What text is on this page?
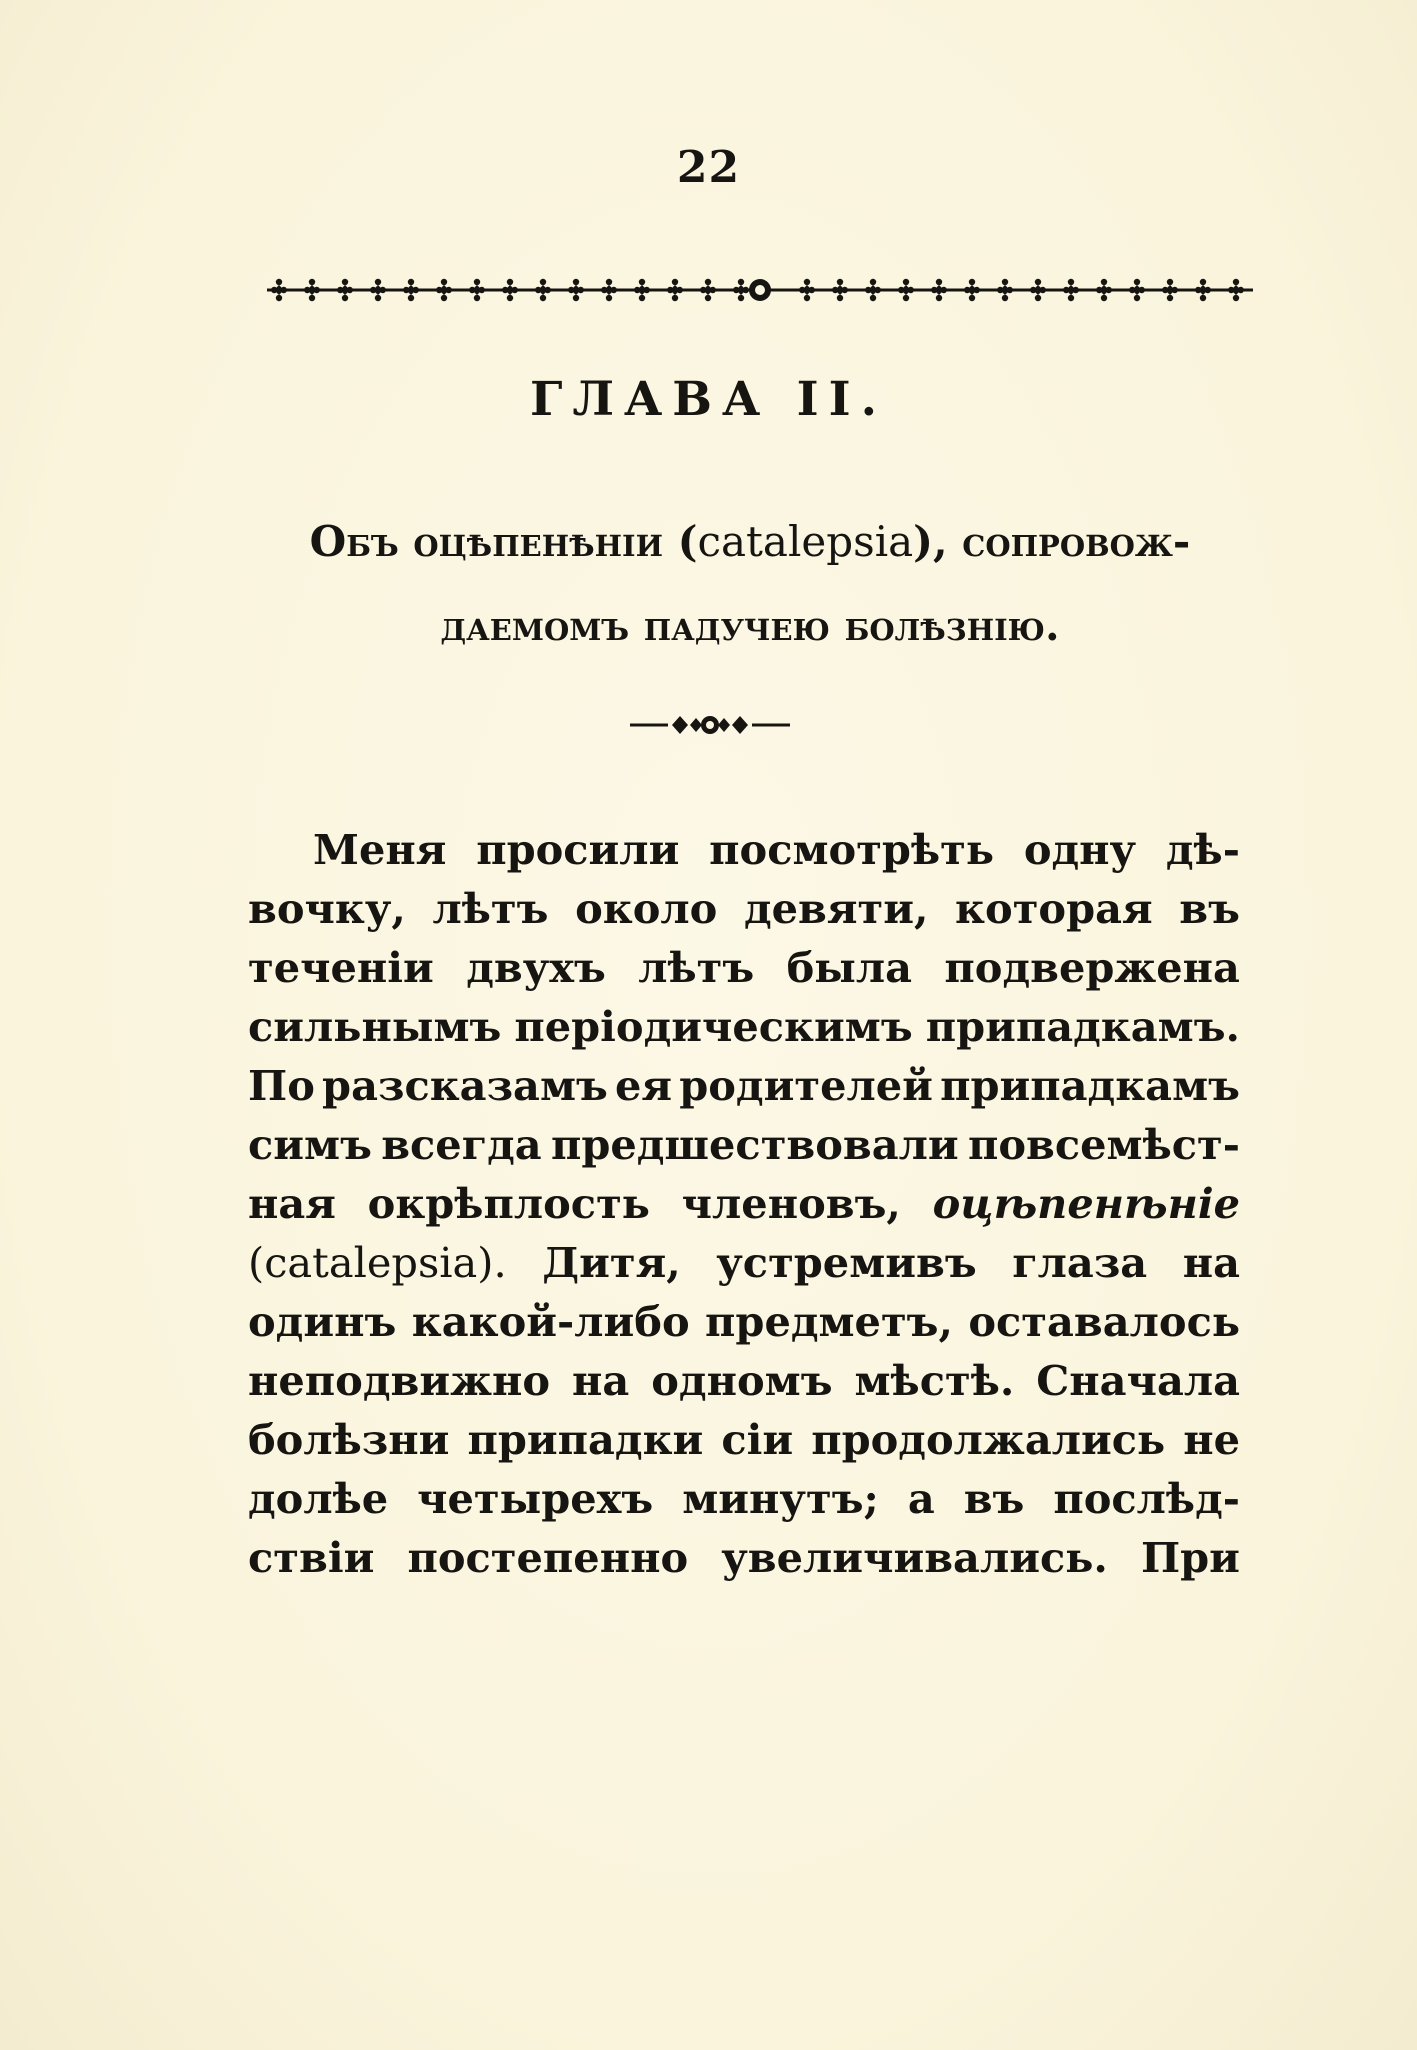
22
ГЛАВА II.
Объ оцѣпенѣніи (catalepsia), сопровож-
даемомъ падучею болѣзнію.
Меня просили посмотрѣть одну дѣ-
вочку, лѣтъ около девяти, которая въ
теченіи двухъ лѣтъ была подвержена
сильнымъ періодическимъ припадкамъ.
По разсказамъ ея родителей припадкамъ
симъ всегда предшествовали повсемѣст-
ная окрѣплость членовъ, оцѣпенѣніе
(catalepsia). Дитя, устремивъ глаза на
одинъ какой-либо предметъ, оставалось
неподвижно на одномъ мѣстѣ. Сначала
болѣзни припадки сіи продолжались не
долѣе четырехъ минутъ; а въ послѣд-
ствіи постепенно увеличивались. При
